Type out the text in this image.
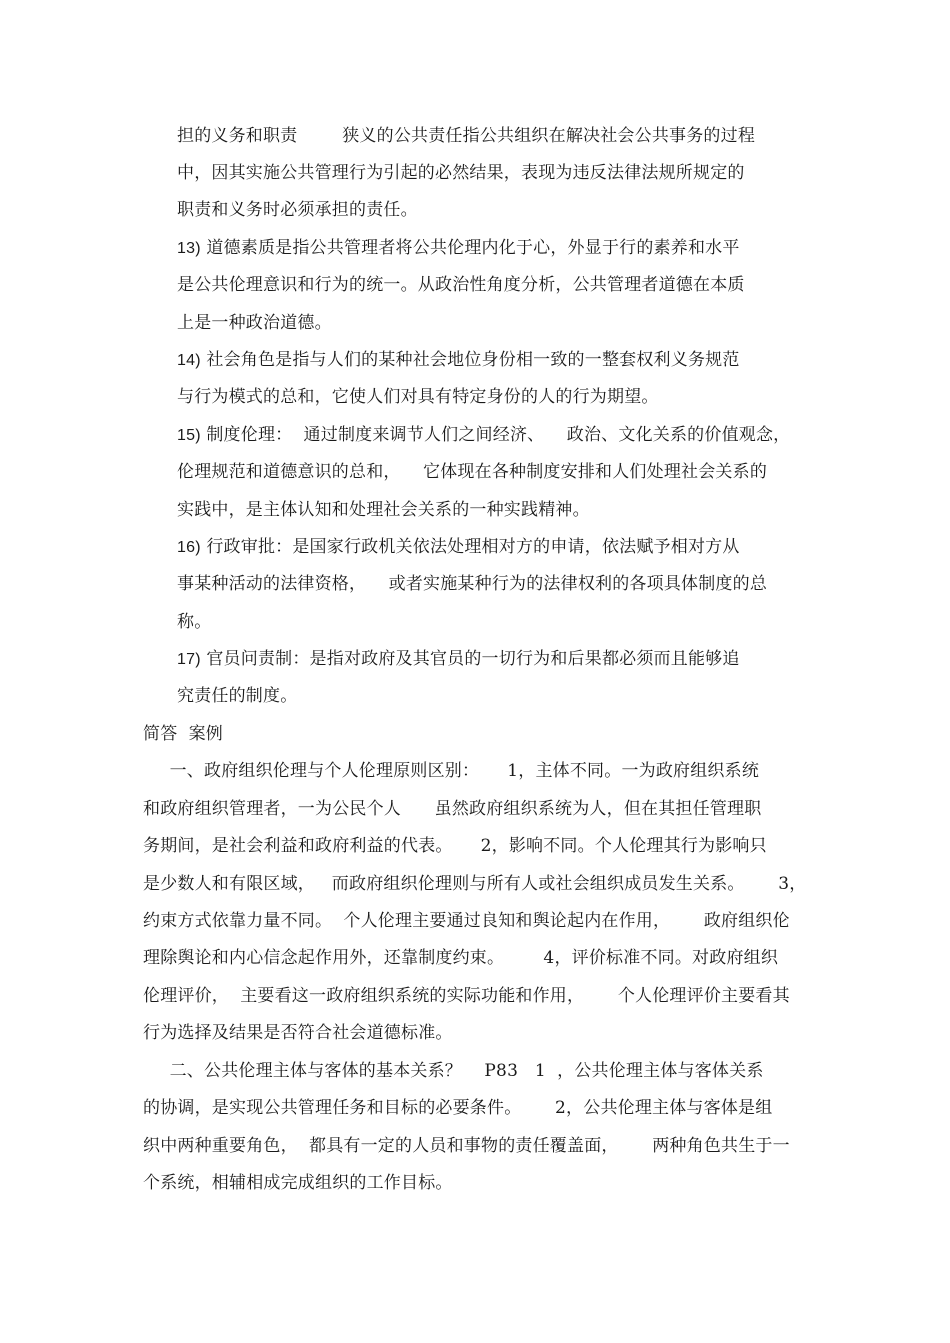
担的义务和职责        狭义的公共责任指公共组织在解决社会公共事务的过程
中，因其实施公共管理行为引起的必然结果，表现为违反法律法规所规定的
职责和义务时必须承担的责任。
13) 道德素质是指公共管理者将公共伦理内化于心，外显于行的素养和水平
是公共伦理意识和行为的统一。从政治性角度分析，公共管理者道德在本质
上是一种政治道德。
14) 社会角色是指与人们的某种社会地位身份相一致的一整套权利义务规范
与行为模式的总和，它使人们对具有特定身份的人的行为期望。
15) 制度伦理：  通过制度来调节人们之间经济、    政治、文化关系的价值观念，
伦理规范和道德意识的总和，    它体现在各种制度安排和人们处理社会关系的
实践中，是主体认知和处理社会关系的一种实践精神。
16) 行政审批：是国家行政机关依法处理相对方的申请，依法赋予相对方从
事某种活动的法律资格，    或者实施某种行为的法律权利的各项具体制度的总
称。
17) 官员问责制：是指对政府及其官员的一切行为和后果都必须而且能够追
究责任的制度。
简答  案例
一、政府组织伦理与个人伦理原则区别：     1，主体不同。一为政府组织系统
和政府组织管理者，一为公民个人      虽然政府组织系统为人，但在其担任管理职
务期间，是社会利益和政府利益的代表。     2，影响不同。个人伦理其行为影响只
是少数人和有限区域，   而政府组织伦理则与所有人或社会组织成员发生关系。      3，
约束方式依靠力量不同。  个人伦理主要通过良知和舆论起内在作用，      政府组织伦
理除舆论和内心信念起作用外，还靠制度约束。       4，评价标准不同。对政府组织
伦理评价，  主要看这一政府组织系统的实际功能和作用，      个人伦理评价主要看其
行为选择及结果是否符合社会道德标准。
二、公共伦理主体与客体的基本关系？    P83   1  ，公共伦理主体与客体关系
的协调，是实现公共管理任务和目标的必要条件。      2，公共伦理主体与客体是组
织中两种重要角色，  都具有一定的人员和事物的责任覆盖面，      两种角色共生于一
个系统，相辅相成完成组织的工作目标。
